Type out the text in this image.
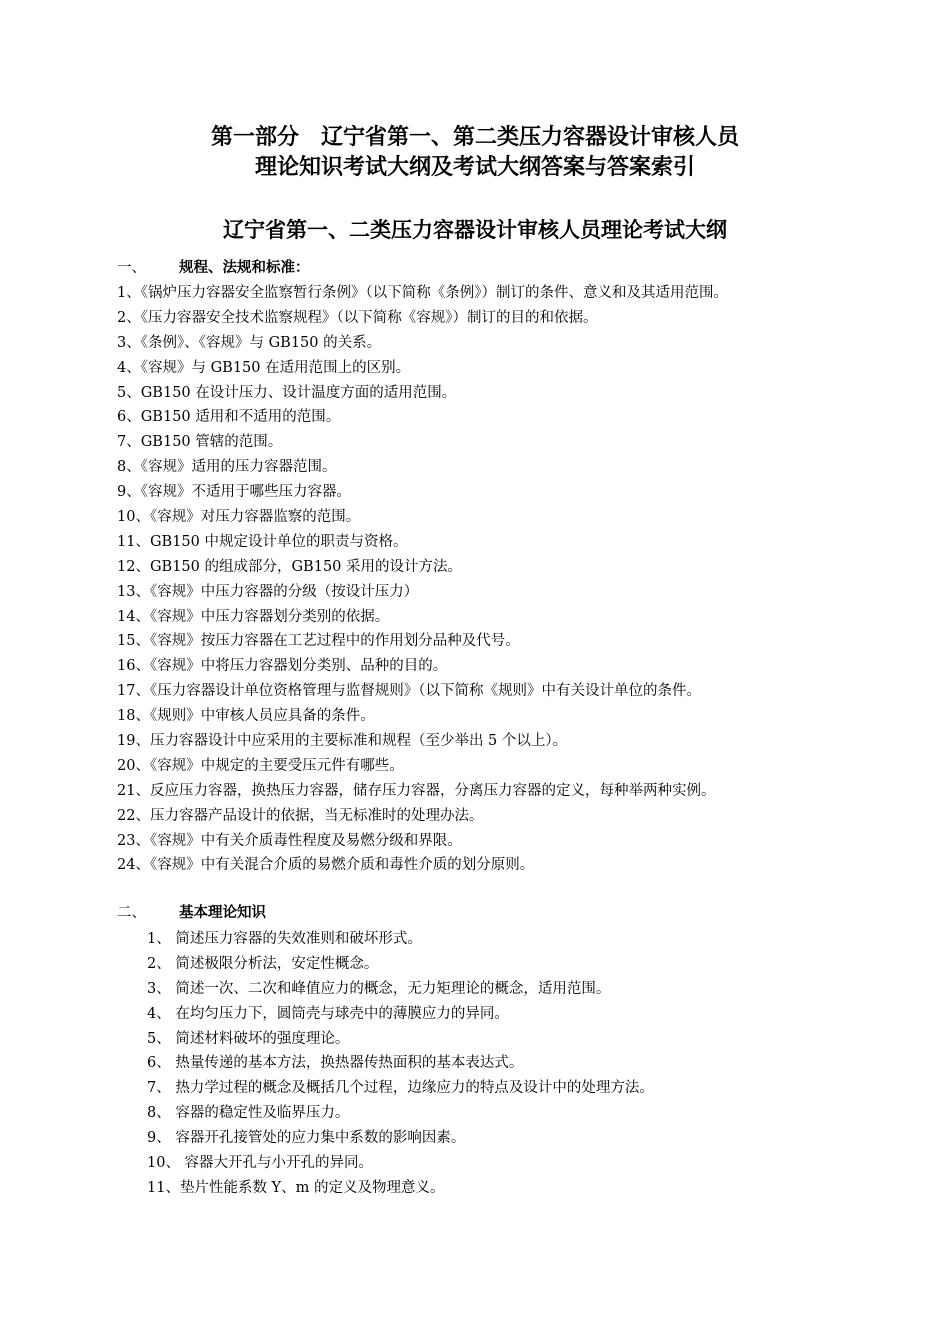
第一部分　辽宁省第一、第二类压力容器设计审核人员
理论知识考试大纲及考试大纲答案与答案索引
辽宁省第一、二类压力容器设计审核人员理论考试大纲
一、 规程、法规和标准：
1、《锅炉压力容器安全监察暂行条例》（以下简称《条例》）制订的条件、意义和及其适用范围。
2、《压力容器安全技术监察规程》（以下简称《容规》）制订的目的和依据。
3、《条例》、《容规》与 GB150 的关系。
4、《容规》与 GB150 在适用范围上的区别。
5、GB150 在设计压力、设计温度方面的适用范围。
6、GB150 适用和不适用的范围。
7、GB150 管辖的范围。
8、《容规》适用的压力容器范围。
9、《容规》不适用于哪些压力容器。
10、《容规》对压力容器监察的范围。
11、GB150 中规定设计单位的职责与资格。
12、GB150 的组成部分，GB150 采用的设计方法。
13、《容规》中压力容器的分级（按设计压力）
14、《容规》中压力容器划分类别的依据。
15、《容规》按压力容器在工艺过程中的作用划分品种及代号。
16、《容规》中将压力容器划分类别、品种的目的。
17、《压力容器设计单位资格管理与监督规则》（以下简称《规则》中有关设计单位的条件。
18、《规则》中审核人员应具备的条件。
19、压力容器设计中应采用的主要标准和规程（至少举出 5 个以上）。
20、《容规》中规定的主要受压元件有哪些。
21、反应压力容器，换热压力容器，储存压力容器，分离压力容器的定义，每种举两种实例。
22、压力容器产品设计的依据，当无标准时的处理办法。
23、《容规》中有关介质毒性程度及易燃分级和界限。
24、《容规》中有关混合介质的易燃介质和毒性介质的划分原则。
二、 基本理论知识
1、 简述压力容器的失效准则和破坏形式。
2、 简述极限分析法，安定性概念。
3、 简述一次、二次和峰值应力的概念，无力矩理论的概念，适用范围。
4、 在均匀压力下，圆筒壳与球壳中的薄膜应力的异同。
5、 简述材料破坏的强度理论。
6、 热量传递的基本方法，换热器传热面积的基本表达式。
7、 热力学过程的概念及概括几个过程，边缘应力的特点及设计中的处理方法。
8、 容器的稳定性及临界压力。
9、 容器开孔接管处的应力集中系数的影响因素。
10、 容器大开孔与小开孔的异同。
11、垫片性能系数 Y、m 的定义及物理意义。
